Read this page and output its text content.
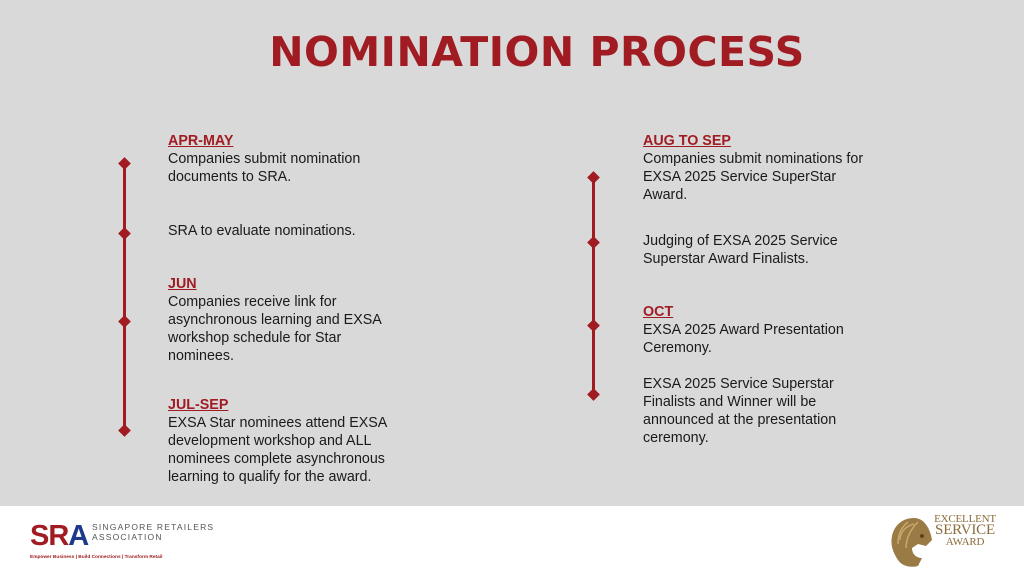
NOMINATION PROCESS
APR-MAY
Companies submit nomination
documents to SRA.
SRA to evaluate nominations.
JUN
Companies receive link for
asynchronous learning and EXSA
workshop schedule for Star
nominees.
JUL-SEP
EXSA Star nominees attend EXSA
development workshop and ALL
nominees complete asynchronous
learning to qualify for the award.
AUG TO SEP
Companies submit nominations for
EXSA 2025 Service SuperStar
Award.
Judging of EXSA 2025 Service
Superstar Award Finalists.
OCT
EXSA 2025 Award Presentation
Ceremony.
EXSA 2025 Service Superstar
Finalists and Winner will be
announced at the presentation
ceremony.
SRA SINGAPORE RETAILERS ASSOCIATION
Empower Business | Build Connections | Transform Retail
EXCELLENT
SERVICE
AWARD
